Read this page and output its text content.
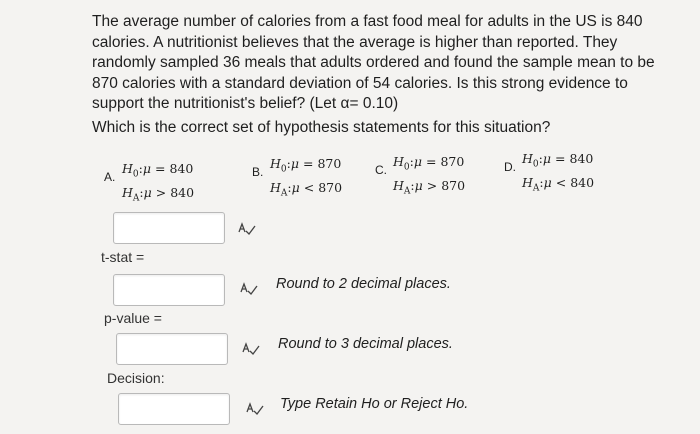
The average number of calories from a fast food meal for adults in the US is 840 calories. A nutritionist believes that the average is higher than reported. They randomly sampled 36 meals that adults ordered and found the sample mean to be 870 calories with a standard deviation of 54 calories. Is this strong evidence to support the nutritionist's belief? (Let α= 0.10)

Which is the correct set of hypothesis statements for this situation?

A.
$H_0:\mu = 840$
$H_A:\mu > 840$
B.
$H_0:\mu = 870$
$H_A:\mu < 870$
C.
$H_0:\mu = 870$
$H_A:\mu > 870$
D.
$H_0:\mu = 840$
$H_A:\mu < 840$
t-stat =
Round to 2 decimal places.
p-value =
Round to 3 decimal places.
Decision:
Type Retain Ho or Reject Ho.
